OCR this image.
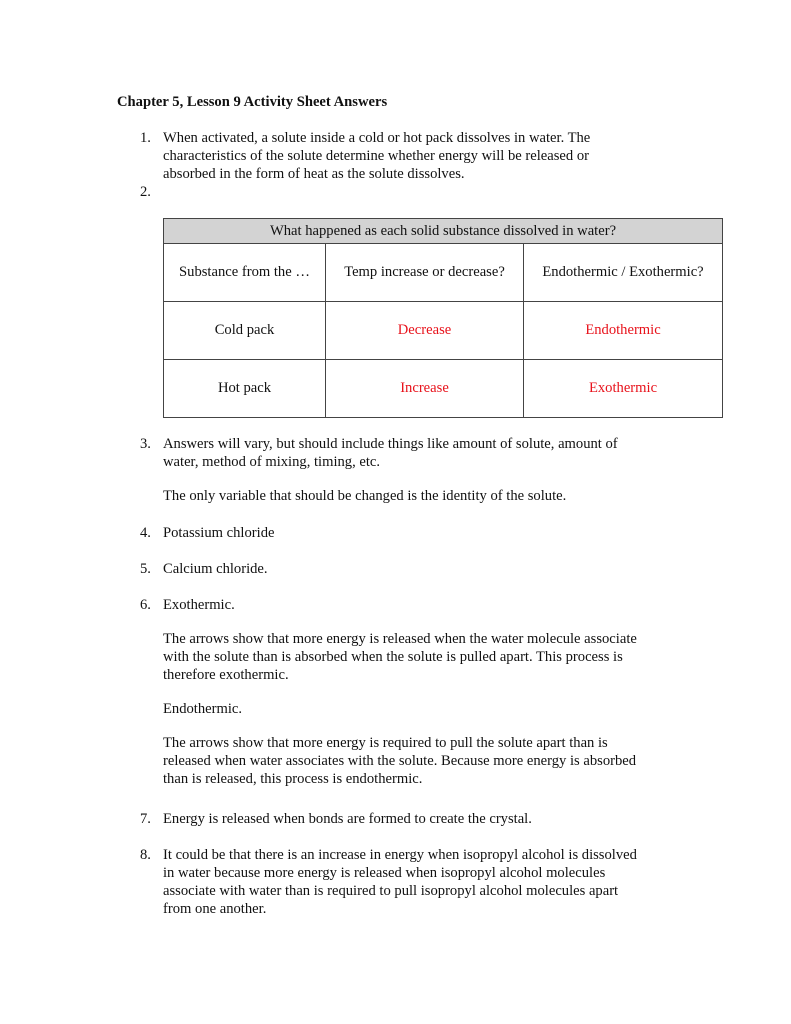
Chapter 5, Lesson 9 Activity Sheet Answers
1. When activated, a solute inside a cold or hot pack dissolves in water. The
characteristics of the solute determine whether energy will be released or
absorbed in the form of heat as the solute dissolves.
2.
What happened as each solid substance dissolved in water?		
Substance from the …	Temp increase or decrease?	Endothermic / Exothermic?
Cold pack	Decrease	Endothermic
Hot pack	Increase	Exothermic
3. Answers will vary, but should include things like amount of solute, amount of
water, method of mixing, timing, etc.
The only variable that should be changed is the identity of the solute.
4. Potassium chloride
5. Calcium chloride.
6. Exothermic.
The arrows show that more energy is released when the water molecule associate
with the solute than is absorbed when the solute is pulled apart. This process is
therefore exothermic.
Endothermic.
The arrows show that more energy is required to pull the solute apart than is
released when water associates with the solute. Because more energy is absorbed
than is released, this process is endothermic.
7. Energy is released when bonds are formed to create the crystal.
8. It could be that there is an increase in energy when isopropyl alcohol is dissolved
in water because more energy is released when isopropyl alcohol molecules
associate with water than is required to pull isopropyl alcohol molecules apart
from one another.
